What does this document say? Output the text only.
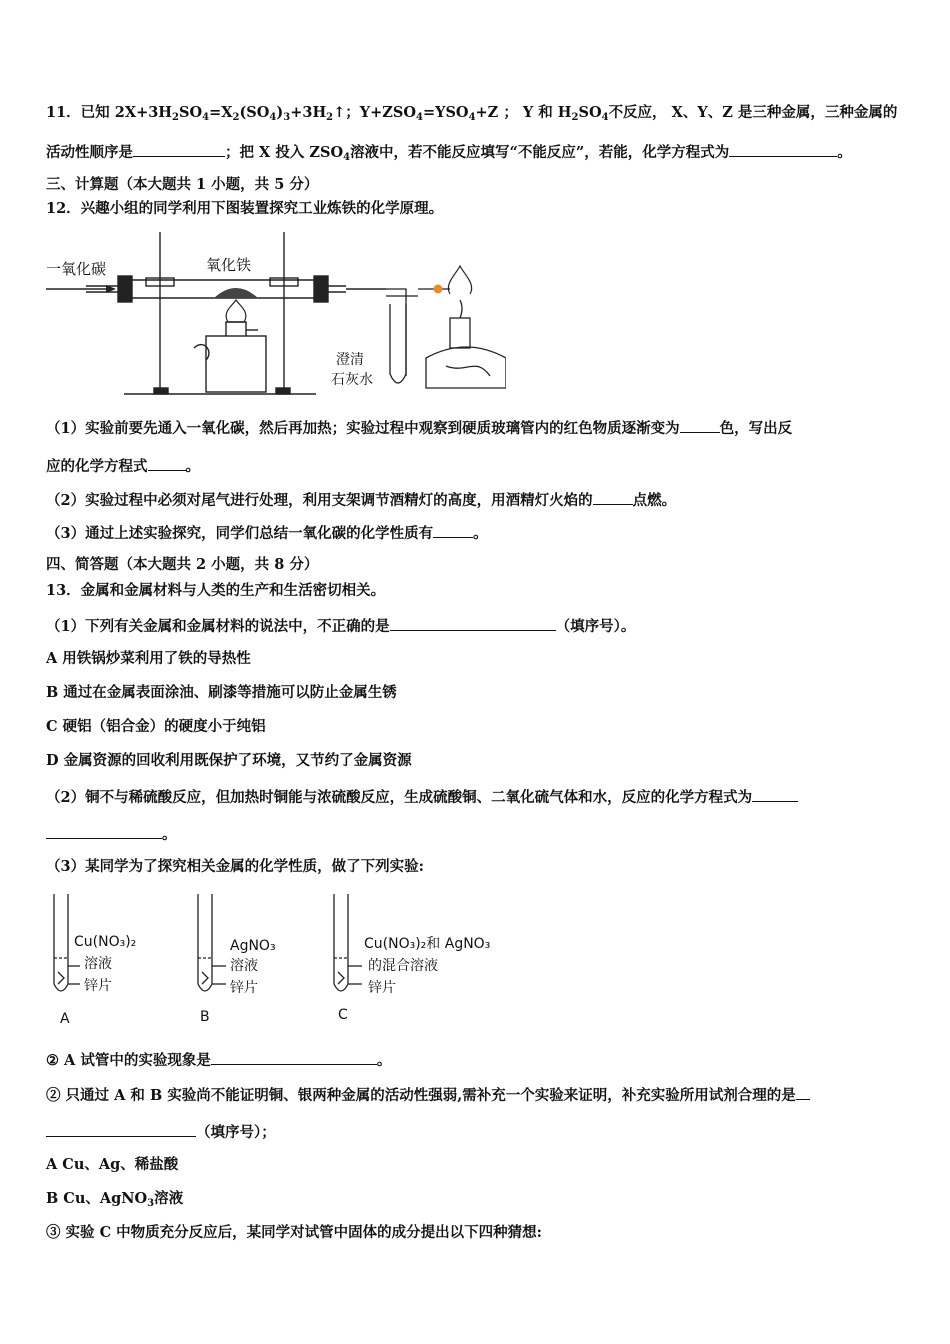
11．已知 $2X+3H_2SO_4=X_2(SO_4)_3+3H_2↑$；$Y+ZSO_4=YSO_4+Z$ ； Y 和 $H_2SO_4$不反应， X、Y、Z 是三种金属，三种金属的
活动性顺序是	；把 X 投入 $ZSO_4$溶液中，若不能反应填写“不能反应”，若能，化学方程式为	。
三、计算题（本大题共 1 小题，共 5 分）
12．兴趣小组的同学利用下图装置探究工业炼铁的化学原理。
一氧化碳	氧化铁
澄清
石灰水
（1）实验前要先通入一氧化碳，然后再加热；实验过程中观察到硬质玻璃管内的红色物质逐渐变为	色，写出反
应的化学方程式	。
（2）实验过程中必须对尾气进行处理，利用支架调节酒精灯的高度，用酒精灯火焰的	点燃。
（3）通过上述实验探究，同学们总结一氧化碳的化学性质有	。
四、简答题（本大题共 2 小题，共 8 分）
13．金属和金属材料与人类的生产和生活密切相关。
（1）下列有关金属和金属材料的说法中，不正确的是	（填序号）。
A 用铁锅炒菜利用了铁的导热性
B 通过在金属表面涂油、刷漆等措施可以防止金属生锈
C 硬铝（铝合金）的硬度小于纯铝
D 金属资源的回收利用既保护了环境，又节约了金属资源
（2）铜不与稀硫酸反应，但加热时铜能与浓硫酸反应，生成硫酸铜、二氧化硫气体和水，反应的化学方程式为
。
（3）某同学为了探究相关金属的化学性质，做了下列实验:
Cu(NO₃)₂
溶液
锌片
A
AgNO₃
溶液
锌片
B
Cu(NO₃)₂和 AgNO₃
的混合溶液
锌片
C
② A 试管中的实验现象是	。
② 只通过 A 和 B 实验尚不能证明铜、银两种金属的活动性强弱,需补充一个实验来证明，补充实验所用试剂合理的是
（填序号）；
A Cu、Ag、稀盐酸
B Cu、AgNO$_3$溶液
③ 实验 C 中物质充分反应后，某同学对试管中固体的成分提出以下四种猜想:
